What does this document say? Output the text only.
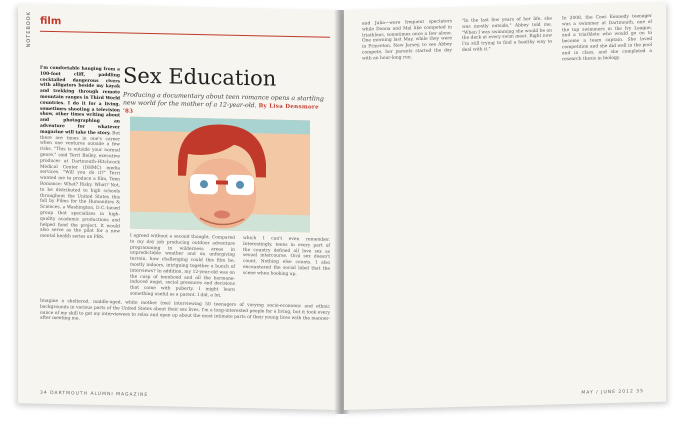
NOTEBOOK film
Sex Education
Producing a documentary about teen romance opens a startling new world for the mother of a 12-year-old. By Lisa Densmore '83
I'm comfortable hanging from a 100-foot cliff, paddling cocktailed dangerous rivers with alligators beside my kayak and trekking through remote mountain ranges in Third World countries. I do it for a living, sometimes shooting a television show, other times writing about and photographing an adventure for whatever magazine will take the story. But there are times in one's career when one ventures outside a few risks. "This is outside your normal genre," said Terri Bailey, executive producer at Dartmouth-Hitchcock Medical Center (DHMC) media services. "Will you do it?" Terri wanted me to produce a film, Teen Romance: What? Risky. What? Not, to be distributed to high schools throughout the United States this fall by Films for the Humanities & Sciences, a Washington, D.C.-based group that specializes in high-quality academic productions and helped fund the project. It would also serve as the pilot for a new mental health series on PBS.	I agreed without a second thought. Compared to my day job producing outdoor adventure programming in wilderness areas in unpredictable weather and on unforgiving terrain, how challenging could this film be, mostly indoors, intriguing together a bunch of interviews? In addition, my 12-year-old was on the cusp of teenhood and all the hormone-induced angst, social pressures and decisions that come with puberty. I might learn something useful as a parent. I did, a lot.
which I can't even remember. Interestingly, teens in every part of the country defined all love sex as sexual intercourse. Oral sex doesn't count. Nothing else counts. I also encountered the social label that the scene when hooking up.
Imagine a sheltered, middle-aged, white mother (me) interviewing 50 teenagers of varying socio-economic and ethnic backgrounds in various parts of the United States about their sex lives. I'm a long-interested people for a living, but it took every ounce of my skill to get my interviewees to relax and open up about the most intimate parts of their young lives with the manner-after meeting me.
34 DARTMOUTH ALUMNI MAGAZINE
and Julia—were frequent spectators while Donna and Mal like competed in triathlons, sometimes once a few alone. One morning last May, while they were in Princeton, New Jersey, to see Abbey compete, her parents started the day with an hour-long run.
"In the last few years of her life, she was mostly outside," Abbey told me. "When I was swimming she would be on the deck at every swim meet. Right now I'm still trying to find a healthy way to deal with it."
In 2008, the Coos Kennedy teenager was a swimmer at Dartmouth, one of the top swimmers in the Ivy League, and a triathlete who would go on to become a team captain. She loved competition and she did well in the pool and in class, and she completed a research thesis in biology.
MAY / JUNE 2012 35
